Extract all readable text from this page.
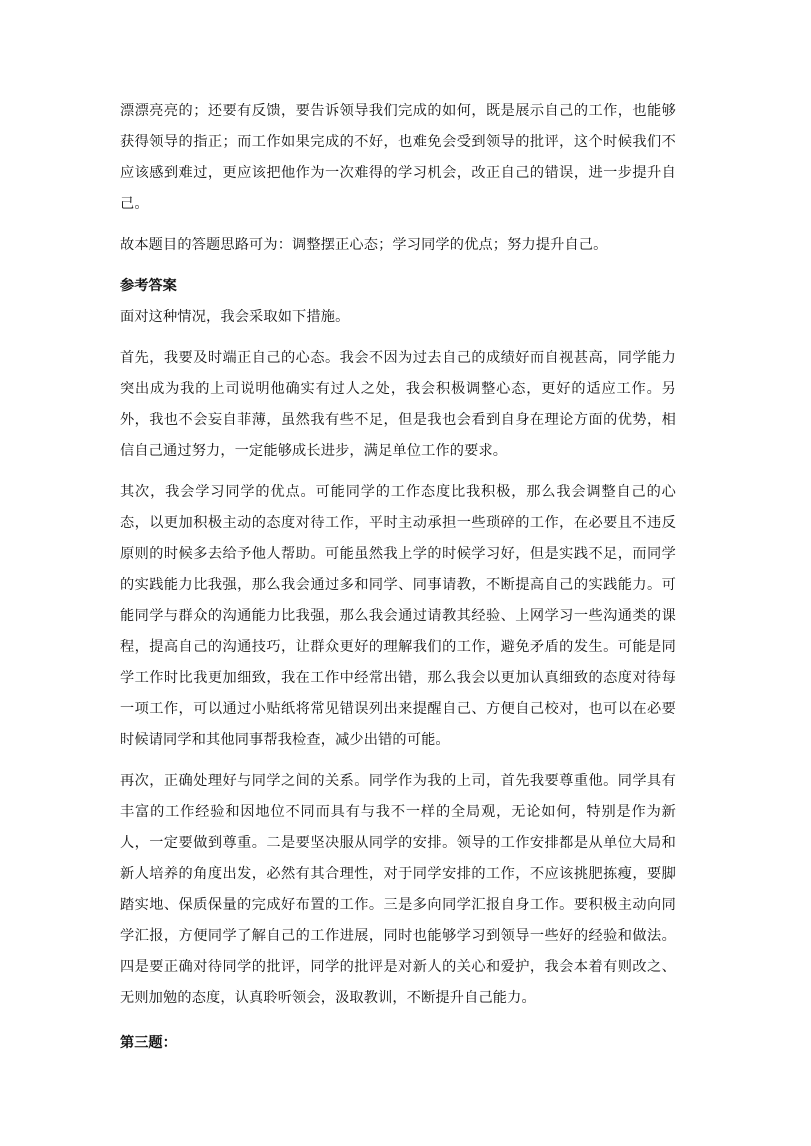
漂漂亮亮的；还要有反馈，要告诉领导我们完成的如何，既是展示自己的工作，也能够获得领导的指正；而工作如果完成的不好，也难免会受到领导的批评，这个时候我们不应该感到难过，更应该把他作为一次难得的学习机会，改正自己的错误，进一步提升自己。

故本题目的答题思路可为：调整摆正心态；学习同学的优点；努力提升自己。

参考答案

面对这种情况，我会采取如下措施。

首先，我要及时端正自己的心态。我会不因为过去自己的成绩好而自视甚高，同学能力突出成为我的上司说明他确实有过人之处，我会积极调整心态，更好的适应工作。另外，我也不会妄自菲薄，虽然我有些不足，但是我也会看到自身在理论方面的优势，相信自己通过努力，一定能够成长进步，满足单位工作的要求。

其次，我会学习同学的优点。可能同学的工作态度比我积极，那么我会调整自己的心态，以更加积极主动的态度对待工作，平时主动承担一些琐碎的工作，在必要且不违反原则的时候多去给予他人帮助。可能虽然我上学的时候学习好，但是实践不足，而同学的实践能力比我强，那么我会通过多和同学、同事请教，不断提高自己的实践能力。可能同学与群众的沟通能力比我强，那么我会通过请教其经验、上网学习一些沟通类的课程，提高自己的沟通技巧，让群众更好的理解我们的工作，避免矛盾的发生。可能是同学工作时比我更加细致，我在工作中经常出错，那么我会以更加认真细致的态度对待每一项工作，可以通过小贴纸将常见错误列出来提醒自己、方便自己校对，也可以在必要时候请同学和其他同事帮我检查，减少出错的可能。

再次，正确处理好与同学之间的关系。同学作为我的上司，首先我要尊重他。同学具有丰富的工作经验和因地位不同而具有与我不一样的全局观，无论如何，特别是作为新人，一定要做到尊重。二是要坚决服从同学的安排。领导的工作安排都是从单位大局和新人培养的角度出发，必然有其合理性，对于同学安排的工作，不应该挑肥拣瘦，要脚踏实地、保质保量的完成好布置的工作。三是多向同学汇报自身工作。要积极主动向同学汇报，方便同学了解自己的工作进展，同时也能够学习到领导一些好的经验和做法。四是要正确对待同学的批评，同学的批评是对新人的关心和爱护，我会本着有则改之、无则加勉的态度，认真聆听领会，汲取教训，不断提升自己能力。

第三题：
